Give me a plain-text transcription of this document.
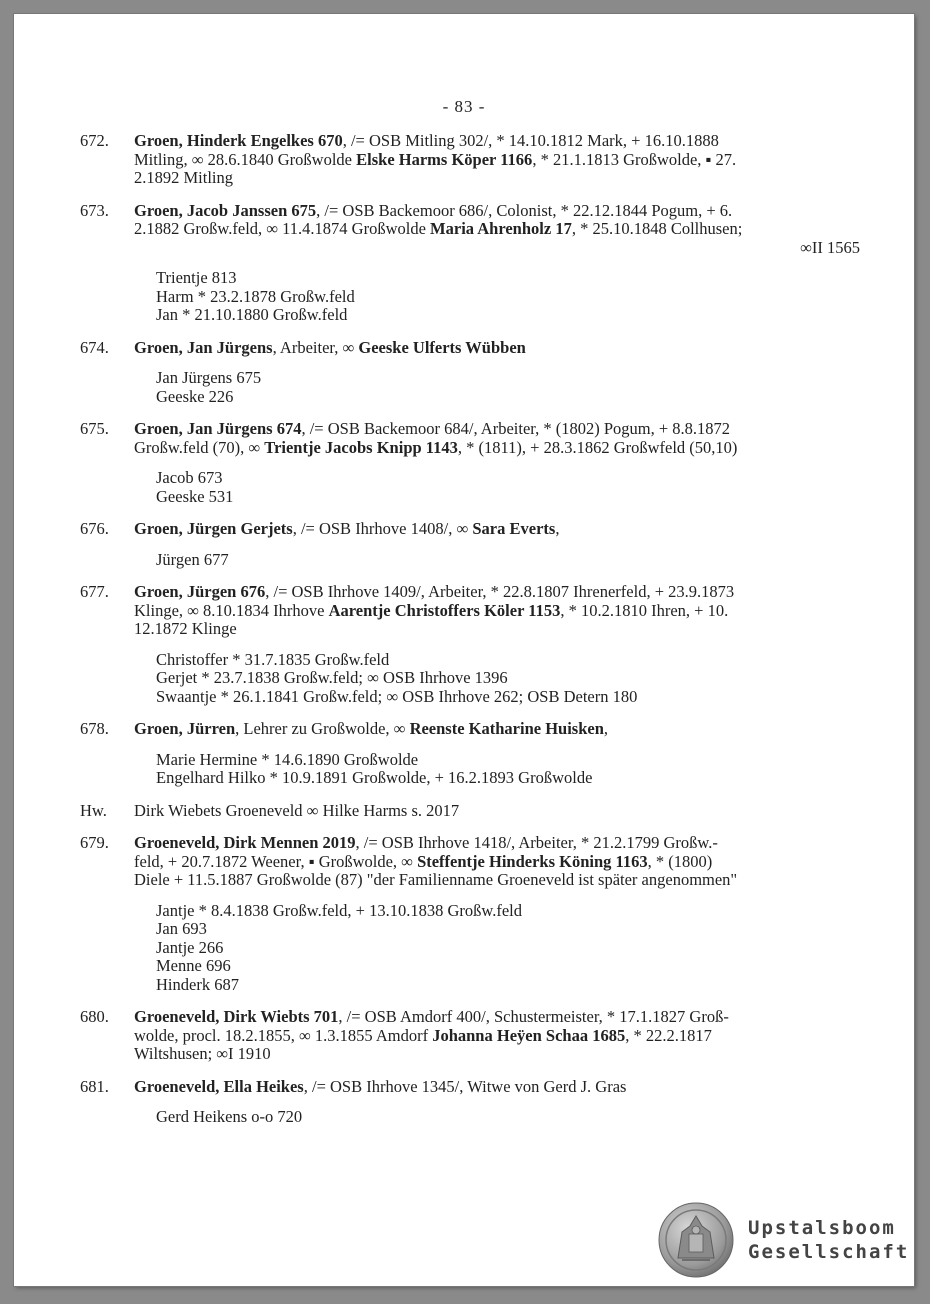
- 83 -
672.	Groen, Hinderk Engelkes 670, /= OSB Mitling 302/, * 14.10.1812 Mark, + 16.10.1888
Mitling, ∞ 28.6.1840 Großwolde Elske Harms Köper 1166, * 21.1.1813 Großwolde, ▪ 27.
2.1892 Mitling
673.	Groen, Jacob Janssen 675, /= OSB Backemoor 686/, Colonist, * 22.12.1844 Pogum, + 6.
2.1882 Großw.feld, ∞ 11.4.1874 Großwolde Maria Ahrenholz 17, * 25.10.1848 Collhusen;
∞II 1565
Trientje 813
Harm * 23.2.1878 Großw.feld
Jan * 21.10.1880 Großw.feld
674.	Groen, Jan Jürgens, Arbeiter, ∞ Geeske Ulferts Wübben
Jan Jürgens 675
Geeske 226
675.	Groen, Jan Jürgens 674, /= OSB Backemoor 684/, Arbeiter, * (1802) Pogum, + 8.8.1872
Großw.feld (70), ∞ Trientje Jacobs Knipp 1143, * (1811), + 28.3.1862 Großwfeld (50,10)
Jacob 673
Geeske 531
676.	Groen, Jürgen Gerjets, /= OSB Ihrhove 1408/, ∞ Sara Everts,
Jürgen 677
677.	Groen, Jürgen 676, /= OSB Ihrhove 1409/, Arbeiter, * 22.8.1807 Ihrenerfeld, + 23.9.1873
Klinge, ∞ 8.10.1834 Ihrhove Aarentje Christoffers Köler 1153, * 10.2.1810 Ihren, + 10.
12.1872 Klinge
Christoffer * 31.7.1835 Großw.feld
Gerjet * 23.7.1838 Großw.feld; ∞ OSB Ihrhove 1396
Swaantje * 26.1.1841 Großw.feld; ∞ OSB Ihrhove 262; OSB Detern 180
678.	Groen, Jürren, Lehrer zu Großwolde, ∞ Reenste Katharine Huisken,
Marie Hermine * 14.6.1890 Großwolde
Engelhard Hilko * 10.9.1891 Großwolde, + 16.2.1893 Großwolde
Hw.	Dirk Wiebets Groeneveld ∞ Hilke Harms s. 2017
679.	Groeneveld, Dirk Mennen 2019, /= OSB Ihrhove 1418/, Arbeiter, * 21.2.1799 Großw.-
feld, + 20.7.1872 Weener, ▪ Großwolde, ∞ Steffentje Hinderks Köning 1163, * (1800)
Diele + 11.5.1887 Großwolde (87) "der Familienname Groeneveld ist später angenommen"
Jantje * 8.4.1838 Großw.feld, + 13.10.1838 Großw.feld
Jan 693
Jantje 266
Menne 696
Hinderk 687
680.	Groeneveld, Dirk Wiebts 701, /= OSB Amdorf 400/, Schustermeister, * 17.1.1827 Groß-
wolde, procl. 18.2.1855, ∞ 1.3.1855 Amdorf Johanna Heÿen Schaa 1685, * 22.2.1817
Wiltshusen; ∞I 1910
681.	Groeneveld, Ella Heikes, /= OSB Ihrhove 1345/, Witwe von Gerd J. Gras
Gerd Heikens o-o 720
Upstalsboom
Gesellschaft
